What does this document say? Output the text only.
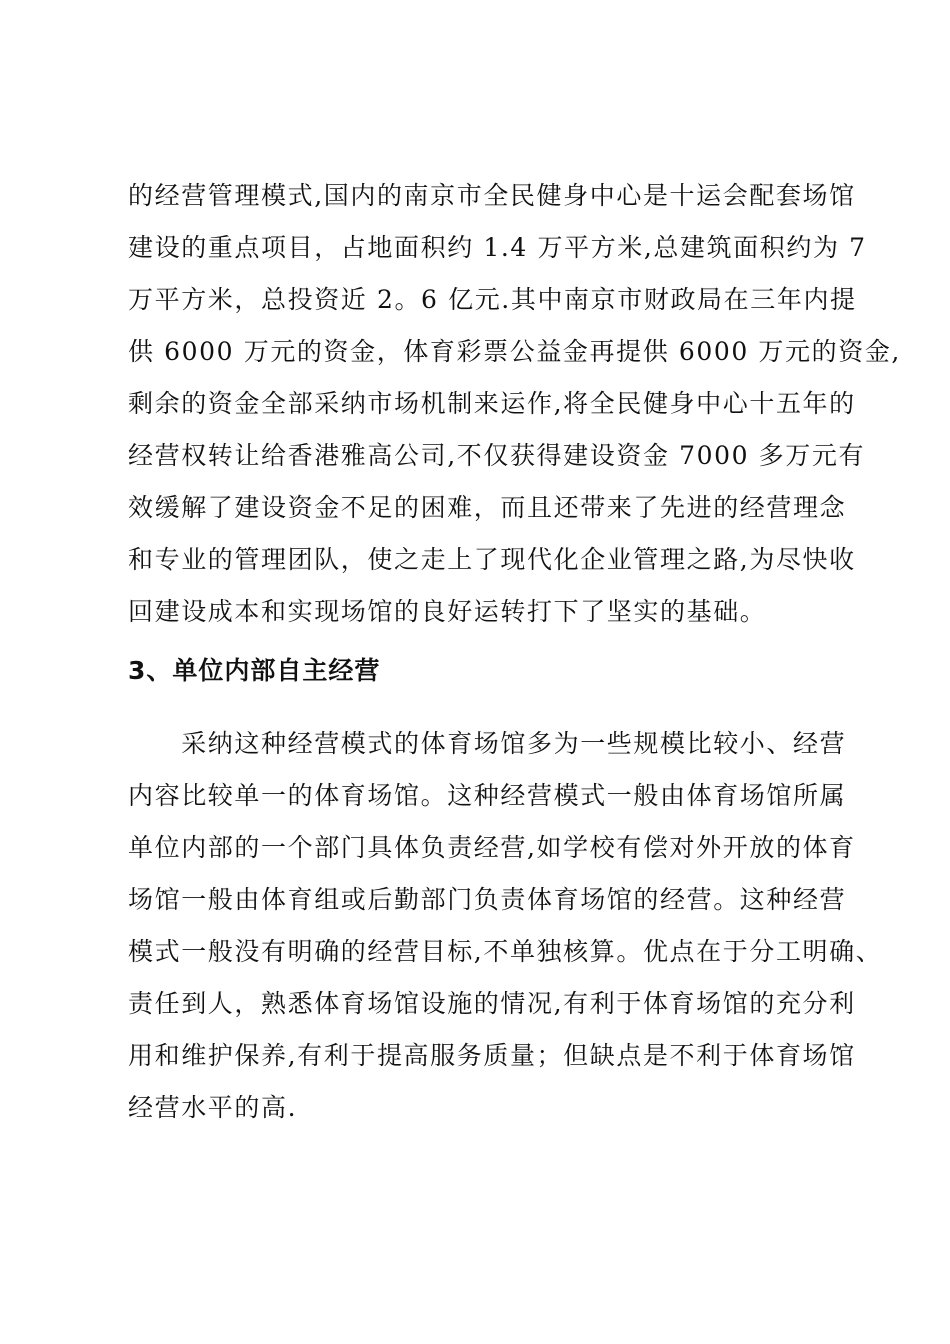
的经营管理模式,国内的南京市全民健身中心是十运会配套场馆
建设的重点项目，占地面积约 1.4 万平方米,总建筑面积约为 7
万平方米，总投资近 2。6 亿元.其中南京市财政局在三年内提
供 6000 万元的资金，体育彩票公益金再提供 6000 万元的资金,
剩余的资金全部采纳市场机制来运作,将全民健身中心十五年的
经营权转让给香港雅高公司,不仅获得建设资金 7000 多万元有
效缓解了建设资金不足的困难，而且还带来了先进的经营理念
和专业的管理团队，使之走上了现代化企业管理之路,为尽快收
回建设成本和实现场馆的良好运转打下了坚实的基础。
3、单位内部自主经营
　　采纳这种经营模式的体育场馆多为一些规模比较小、经营
内容比较单一的体育场馆。这种经营模式一般由体育场馆所属
单位内部的一个部门具体负责经营,如学校有偿对外开放的体育
场馆一般由体育组或后勤部门负责体育场馆的经营。这种经营
模式一般没有明确的经营目标,不单独核算。优点在于分工明确、
责任到人，熟悉体育场馆设施的情况,有利于体育场馆的充分利
用和维护保养,有利于提高服务质量；但缺点是不利于体育场馆
经营水平的高.
